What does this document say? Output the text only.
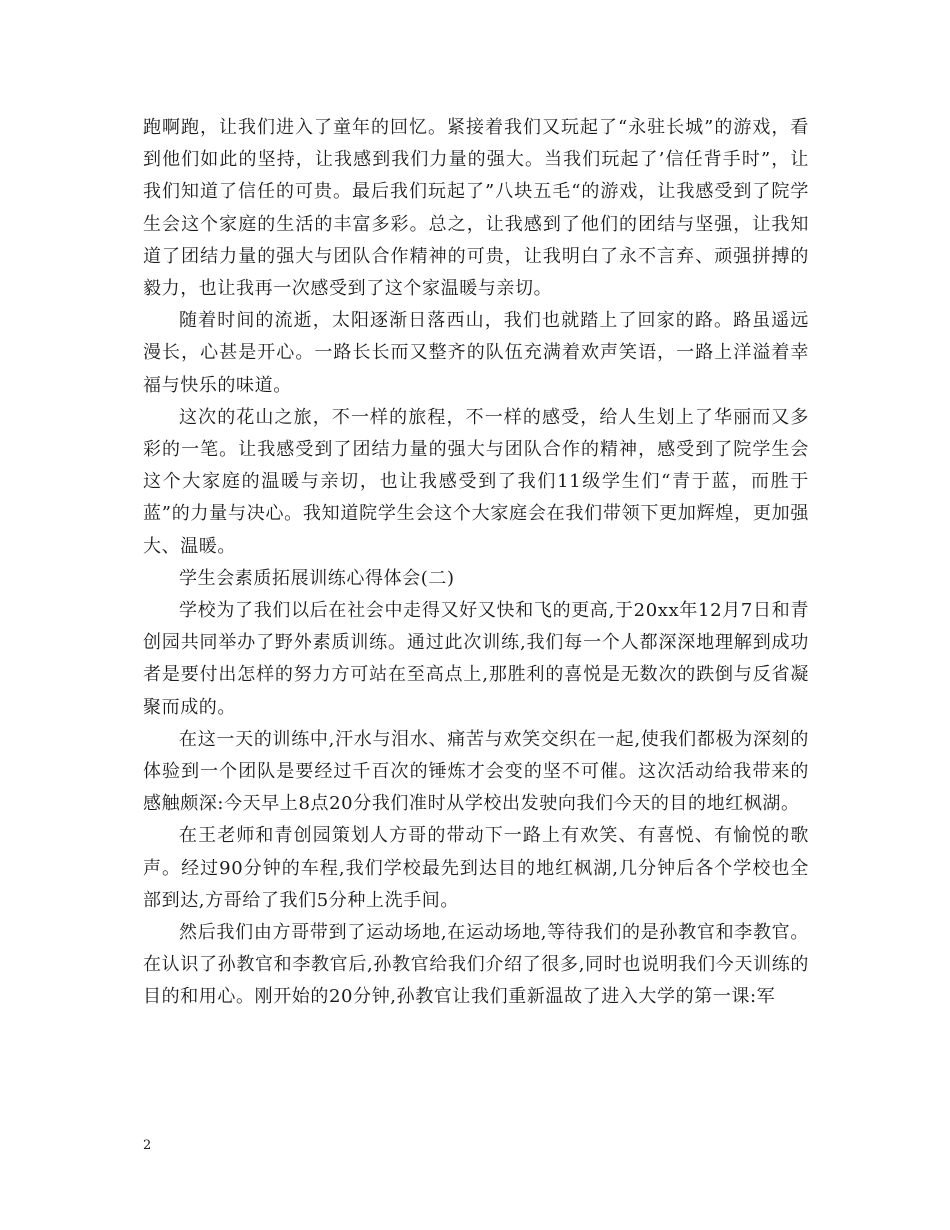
跑啊跑，让我们进入了童年的回忆。紧接着我们又玩起了“永驻长城”的游戏，看到他们如此的坚持，让我感到我们力量的强大。当我们玩起了’信任背手时”，让我们知道了信任的可贵。最后我们玩起了”八块五毛“的游戏，让我感受到了院学生会这个家庭的生活的丰富多彩。总之，让我感到了他们的团结与坚强，让我知道了团结力量的强大与团队合作精神的可贵，让我明白了永不言弃、顽强拼搏的毅力，也让我再一次感受到了这个家温暖与亲切。

随着时间的流逝，太阳逐渐日落西山，我们也就踏上了回家的路。路虽遥远漫长，心甚是开心。一路长长而又整齐的队伍充满着欢声笑语，一路上洋溢着幸福与快乐的味道。

这次的花山之旅，不一样的旅程，不一样的感受，给人生划上了华丽而又多彩的一笔。让我感受到了团结力量的强大与团队合作的精神，感受到了院学生会这个大家庭的温暖与亲切，也让我感受到了我们11级学生们“青于蓝，而胜于蓝”的力量与决心。我知道院学生会这个大家庭会在我们带领下更加辉煌，更加强大、温暖。

学生会素质拓展训练心得体会(二)

学校为了我们以后在社会中走得又好又快和飞的更高,于20xx年12月7日和青创园共同举办了野外素质训练。通过此次训练,我们每一个人都深深地理解到成功者是要付出怎样的努力方可站在至高点上,那胜利的喜悦是无数次的跌倒与反省凝聚而成的。

在这一天的训练中,汗水与泪水、痛苦与欢笑交织在一起,使我们都极为深刻的体验到一个团队是要经过千百次的锤炼才会变的坚不可催。这次活动给我带来的感触颇深:今天早上8点20分我们准时从学校出发驶向我们今天的目的地红枫湖。

在王老师和青创园策划人方哥的带动下一路上有欢笑、有喜悦、有愉悦的歌声。经过90分钟的车程,我们学校最先到达目的地红枫湖,几分钟后各个学校也全部到达,方哥给了我们5分种上洗手间。

然后我们由方哥带到了运动场地,在运动场地,等待我们的是孙教官和李教官。在认识了孙教官和李教官后,孙教官给我们介绍了很多,同时也说明我们今天训练的目的和用心。刚开始的20分钟,孙教官让我们重新温故了进入大学的第一课:军

2
